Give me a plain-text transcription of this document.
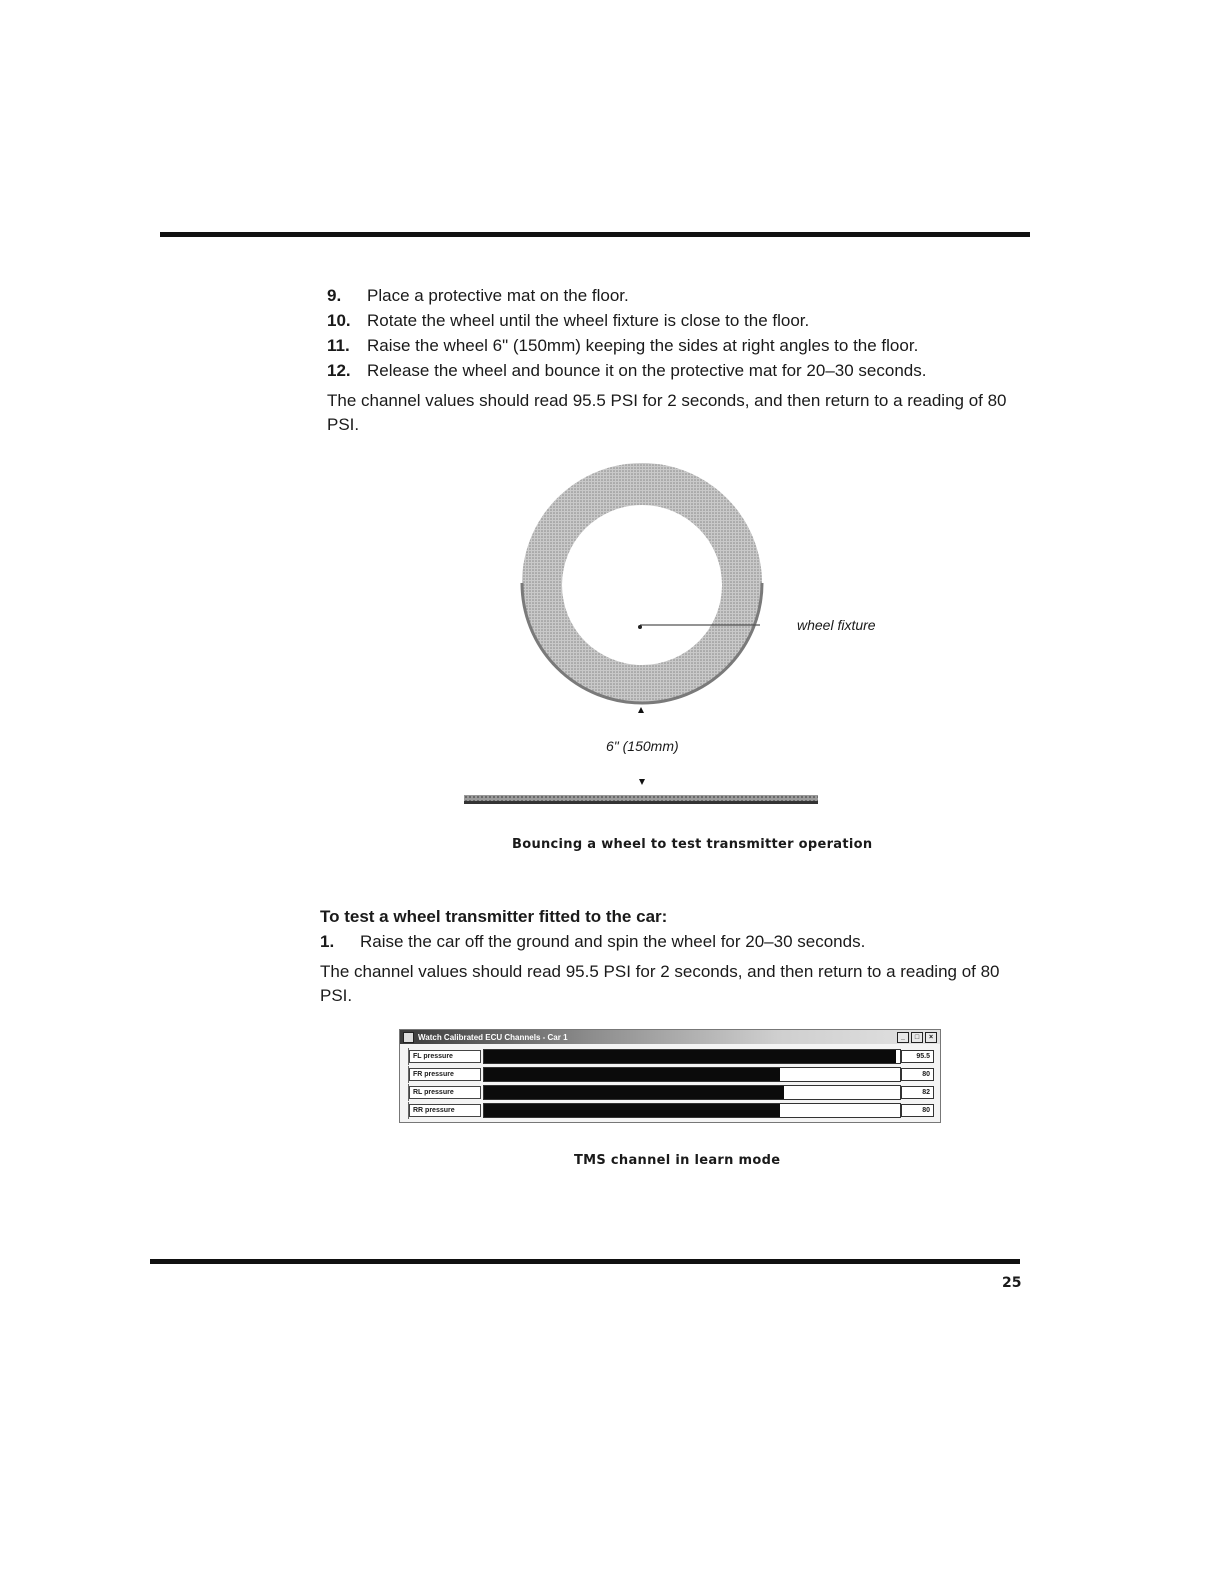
9.	Place a protective mat on the floor.
10. Rotate the wheel until the wheel fixture is close to the floor.
11.	Raise the wheel 6" (150mm) keeping the sides at right angles to the floor.
12. Release the wheel and bounce it on the protective mat for 20–30 seconds.
The channel values should read 95.5 PSI for 2 seconds, and then return to a reading of 80 PSI.
wheel fixture
6" (150mm)
Bouncing a wheel to test transmitter operation
To test a wheel transmitter fitted to the car:
1.	Raise the car off the ground and spin the wheel for 20–30 seconds.
The channel values should read 95.5 PSI for 2 seconds, and then return to a reading of 80 PSI.
Watch Calibrated ECU Channels - Car 1	_	□	×
FL pressure	95.5
FR pressure	80
RL pressure	82
RR pressure	80
TMS channel in learn mode
25
